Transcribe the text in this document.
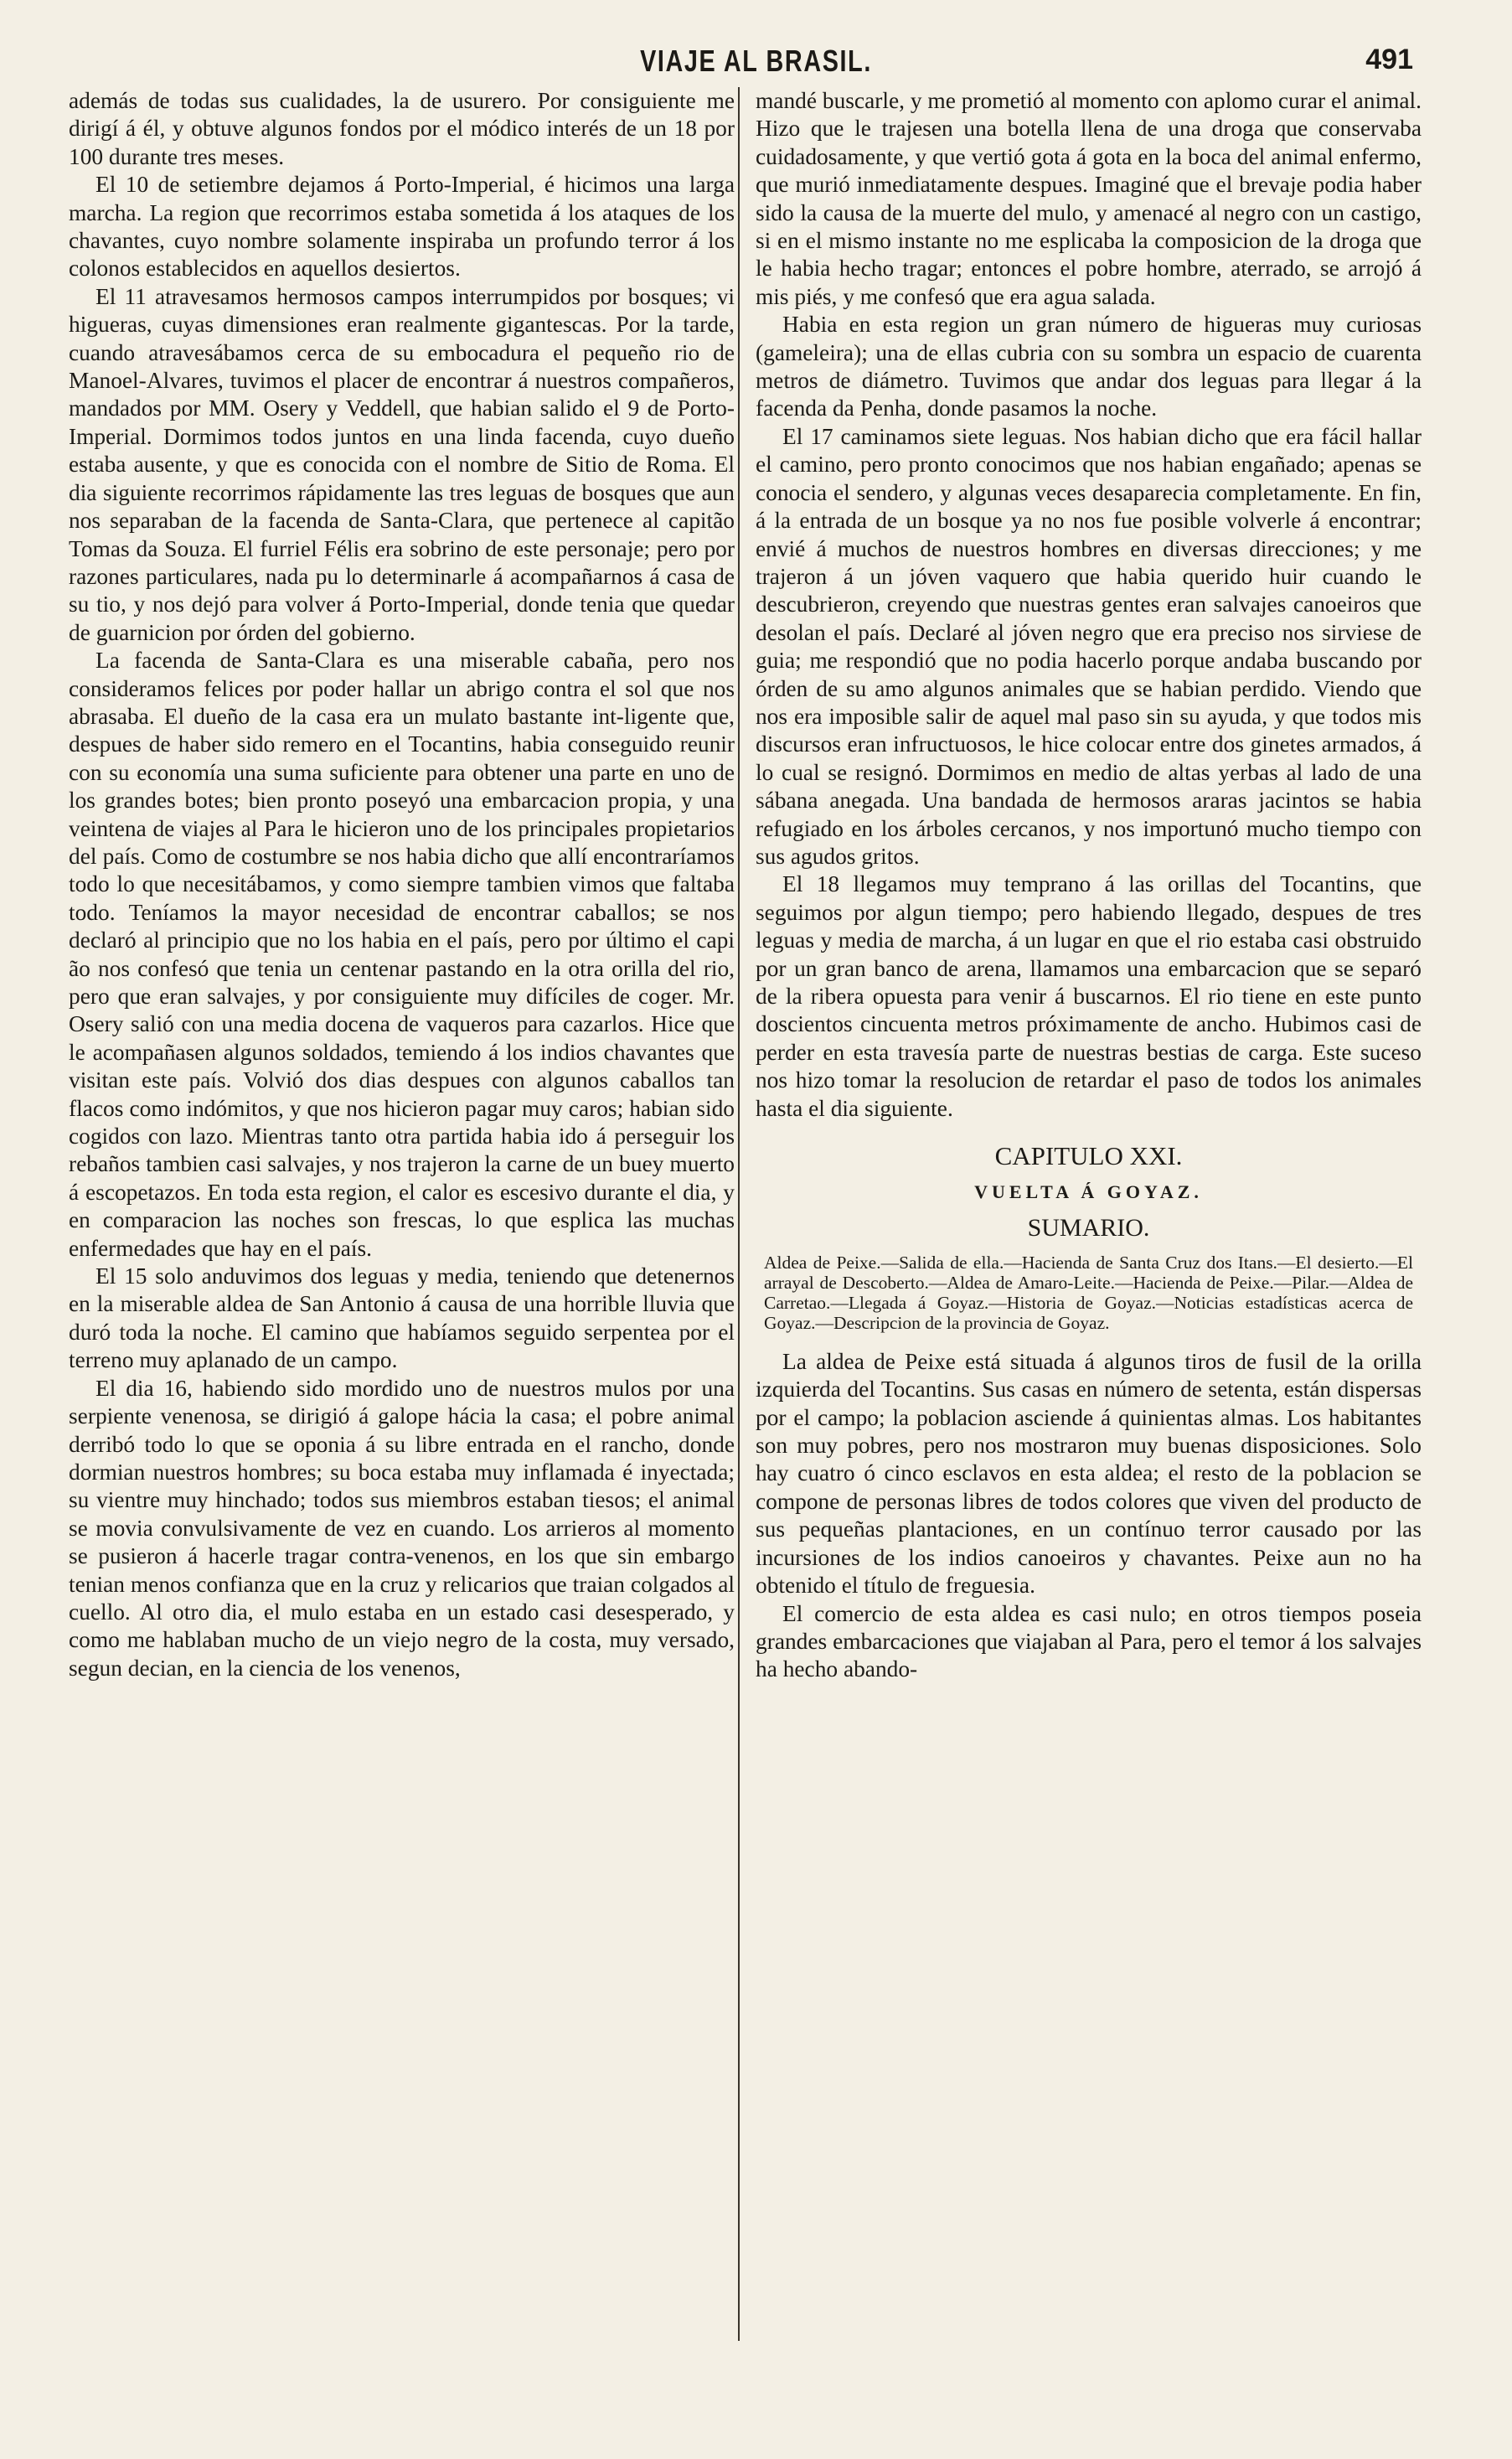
VIAJE AL BRASIL.	491

además de todas sus cualidades, la de usurero. Por consiguiente me dirigí á él, y obtuve algunos fondos por el módico interés de un 18 por 100 durante tres meses.

El 10 de setiembre dejamos á Porto-Imperial, é hicimos una larga marcha. La region que recorrimos estaba sometida á los ataques de los chavantes, cuyo nombre solamente inspiraba un profundo terror á los colonos establecidos en aquellos desiertos.

El 11 atravesamos hermosos campos interrumpidos por bosques; vi higueras, cuyas dimensiones eran realmente gigantescas. Por la tarde, cuando atravesábamos cerca de su embocadura el pequeño rio de Manoel-Alvares, tuvimos el placer de encontrar á nuestros compañeros, mandados por MM. Osery y Veddell, que habian salido el 9 de Porto-Imperial. Dormimos todos juntos en una linda facenda, cuyo dueño estaba ausente, y que es conocida con el nombre de Sitio de Roma. El dia siguiente recorrimos rápidamente las tres leguas de bosques que aun nos separaban de la facenda de Santa-Clara, que pertenece al capitão Tomas da Souza. El furriel Félis era sobrino de este personaje; pero por razones particulares, nada pu lo determinarle á acompañarnos á casa de su tio, y nos dejó para volver á Porto-Imperial, donde tenia que quedar de guarnicion por órden del gobierno.

La facenda de Santa-Clara es una miserable cabaña, pero nos consideramos felices por poder hallar un abrigo contra el sol que nos abrasaba. El dueño de la casa era un mulato bastante int-ligente que, despues de haber sido remero en el Tocantins, habia conseguido reunir con su economía una suma suficiente para obtener una parte en uno de los grandes botes; bien pronto poseyó una embarcacion propia, y una veintena de viajes al Para le hicieron uno de los principales propietarios del país. Como de costumbre se nos habia dicho que allí encontraríamos todo lo que necesitábamos, y como siempre tambien vimos que faltaba todo. Teníamos la mayor necesidad de encontrar caballos; se nos declaró al principio que no los habia en el país, pero por último el capi ão nos confesó que tenia un centenar pastando en la otra orilla del rio, pero que eran salvajes, y por consiguiente muy difíciles de coger. Mr. Osery salió con una media docena de vaqueros para cazarlos. Hice que le acompañasen algunos soldados, temiendo á los indios chavantes que visitan este país. Volvió dos dias despues con algunos caballos tan flacos como indómitos, y que nos hicieron pagar muy caros; habian sido cogidos con lazo. Mientras tanto otra partida habia ido á perseguir los rebaños tambien casi salvajes, y nos trajeron la carne de un buey muerto á escopetazos. En toda esta region, el calor es escesivo durante el dia, y en comparacion las noches son frescas, lo que esplica las muchas enfermedades que hay en el país.

El 15 solo anduvimos dos leguas y media, teniendo que detenernos en la miserable aldea de San Antonio á causa de una horrible lluvia que duró toda la noche. El camino que habíamos seguido serpentea por el terreno muy aplanado de un campo.

El dia 16, habiendo sido mordido uno de nuestros mulos por una serpiente venenosa, se dirigió á galope hácia la casa; el pobre animal derribó todo lo que se oponia á su libre entrada en el rancho, donde dormian nuestros hombres; su boca estaba muy inflamada é inyectada; su vientre muy hinchado; todos sus miembros estaban tiesos; el animal se movia convulsivamente de vez en cuando. Los arrieros al momento se pusieron á hacerle tragar contra-venenos, en los que sin embargo tenian menos confianza que en la cruz y relicarios que traian colgados al cuello. Al otro dia, el mulo estaba en un estado casi desesperado, y como me hablaban mucho de un viejo negro de la costa, muy versado, segun decian, en la ciencia de los venenos,

mandé buscarle, y me prometió al momento con aplomo curar el animal. Hizo que le trajesen una botella llena de una droga que conservaba cuidadosamente, y que vertió gota á gota en la boca del animal enfermo, que murió inmediatamente despues. Imaginé que el brevaje podia haber sido la causa de la muerte del mulo, y amenacé al negro con un castigo, si en el mismo instante no me esplicaba la composicion de la droga que le habia hecho tragar; entonces el pobre hombre, aterrado, se arrojó á mis piés, y me confesó que era agua salada.

Habia en esta region un gran número de higueras muy curiosas (gameleira); una de ellas cubria con su sombra un espacio de cuarenta metros de diámetro. Tuvimos que andar dos leguas para llegar á la facenda da Penha, donde pasamos la noche.

El 17 caminamos siete leguas. Nos habian dicho que era fácil hallar el camino, pero pronto conocimos que nos habian engañado; apenas se conocia el sendero, y algunas veces desaparecia completamente. En fin, á la entrada de un bosque ya no nos fue posible volverle á encontrar; envié á muchos de nuestros hombres en diversas direcciones; y me trajeron á un jóven vaquero que habia querido huir cuando le descubrieron, creyendo que nuestras gentes eran salvajes canoeiros que desolan el país. Declaré al jóven negro que era preciso nos sirviese de guia; me respondió que no podia hacerlo porque andaba buscando por órden de su amo algunos animales que se habian perdido. Viendo que nos era imposible salir de aquel mal paso sin su ayuda, y que todos mis discursos eran infructuosos, le hice colocar entre dos ginetes armados, á lo cual se resignó. Dormimos en medio de altas yerbas al lado de una sábana anegada. Una bandada de hermosos araras jacintos se habia refugiado en los árboles cercanos, y nos importunó mucho tiempo con sus agudos gritos.

El 18 llegamos muy temprano á las orillas del Tocantins, que seguimos por algun tiempo; pero habiendo llegado, despues de tres leguas y media de marcha, á un lugar en que el rio estaba casi obstruido por un gran banco de arena, llamamos una embarcacion que se separó de la ribera opuesta para venir á buscarnos. El rio tiene en este punto doscientos cincuenta metros próximamente de ancho. Hubimos casi de perder en esta travesía parte de nuestras bestias de carga. Este suceso nos hizo tomar la resolucion de retardar el paso de todos los animales hasta el dia siguiente.

CAPITULO XXI.
VUELTA Á GOYAZ.
SUMARIO.
Aldea de Peixe.—Salida de ella.—Hacienda de Santa Cruz dos Itans.—El desierto.—El arrayal de Descoberto.—Aldea de Amaro-Leite.—Hacienda de Peixe.—Pilar.—Aldea de Carretao.—Llegada á Goyaz.—Historia de Goyaz.—Noticias estadísticas acerca de Goyaz.—Descripcion de la provincia de Goyaz.

La aldea de Peixe está situada á algunos tiros de fusil de la orilla izquierda del Tocantins. Sus casas en número de setenta, están dispersas por el campo; la poblacion asciende á quinientas almas. Los habitantes son muy pobres, pero nos mostraron muy buenas disposiciones. Solo hay cuatro ó cinco esclavos en esta aldea; el resto de la poblacion se compone de personas libres de todos colores que viven del producto de sus pequeñas plantaciones, en un contínuo terror causado por las incursiones de los indios canoeiros y chavantes. Peixe aun no ha obtenido el título de freguesia.

El comercio de esta aldea es casi nulo; en otros tiempos poseia grandes embarcaciones que viajaban al Para, pero el temor á los salvajes ha hecho abando-
